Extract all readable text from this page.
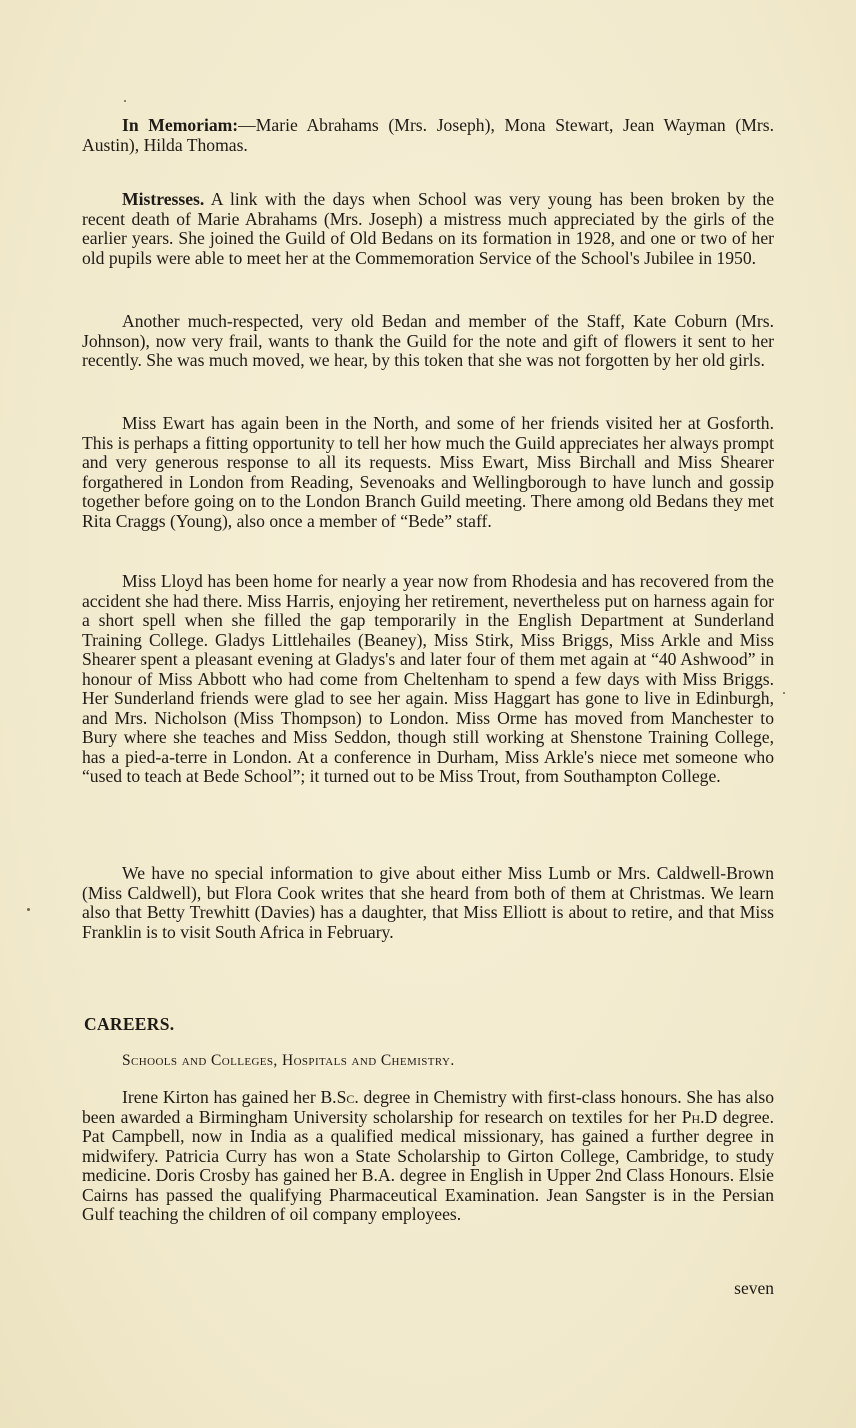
In Memoriam:—Marie Abrahams (Mrs. Joseph), Mona Stewart, Jean Wayman (Mrs. Austin), Hilda Thomas.

Mistresses. A link with the days when School was very young has been broken by the recent death of Marie Abrahams (Mrs. Joseph) a mistress much appreciated by the girls of the earlier years. She joined the Guild of Old Bedans on its formation in 1928, and one or two of her old pupils were able to meet her at the Commemoration Service of the School's Jubilee in 1950.

Another much-respected, very old Bedan and member of the Staff, Kate Coburn (Mrs. Johnson), now very frail, wants to thank the Guild for the note and gift of flowers it sent to her recently. She was much moved, we hear, by this token that she was not forgotten by her old girls.

Miss Ewart has again been in the North, and some of her friends visited her at Gosforth. This is perhaps a fitting opportunity to tell her how much the Guild appreciates her always prompt and very generous response to all its requests. Miss Ewart, Miss Birchall and Miss Shearer forgathered in London from Reading, Sevenoaks and Wellingborough to have lunch and gossip together before going on to the London Branch Guild meeting. There among old Bedans they met Rita Craggs (Young), also once a member of “Bede” staff.

Miss Lloyd has been home for nearly a year now from Rhodesia and has recovered from the accident she had there. Miss Harris, enjoying her retirement, nevertheless put on harness again for a short spell when she filled the gap temporarily in the English Department at Sunderland Training College. Gladys Littlehailes (Beaney), Miss Stirk, Miss Briggs, Miss Arkle and Miss Shearer spent a pleasant evening at Gladys's and later four of them met again at “40 Ashwood” in honour of Miss Abbott who had come from Cheltenham to spend a few days with Miss Briggs. Her Sunderland friends were glad to see her again. Miss Haggart has gone to live in Edinburgh, and Mrs. Nicholson (Miss Thompson) to London. Miss Orme has moved from Manchester to Bury where she teaches and Miss Seddon, though still working at Shenstone Training College, has a pied-a-terre in London. At a conference in Durham, Miss Arkle's niece met someone who “used to teach at Bede School”; it turned out to be Miss Trout, from Southampton College.

We have no special information to give about either Miss Lumb or Mrs. Caldwell-Brown (Miss Caldwell), but Flora Cook writes that she heard from both of them at Christmas. We learn also that Betty Trewhitt (Davies) has a daughter, that Miss Elliott is about to retire, and that Miss Franklin is to visit South Africa in February.

CAREERS.
Schools and Colleges, Hospitals and Chemistry.

Irene Kirton has gained her B.Sc. degree in Chemistry with first-class honours. She has also been awarded a Birmingham University scholarship for research on textiles for her Ph.D degree. Pat Campbell, now in India as a qualified medical missionary, has gained a further degree in midwifery. Patricia Curry has won a State Scholarship to Girton College, Cambridge, to study medicine. Doris Crosby has gained her B.A. degree in English in Upper 2nd Class Honours. Elsie Cairns has passed the qualifying Pharmaceutical Examination. Jean Sangster is in the Persian Gulf teaching the children of oil company employees.

seven
